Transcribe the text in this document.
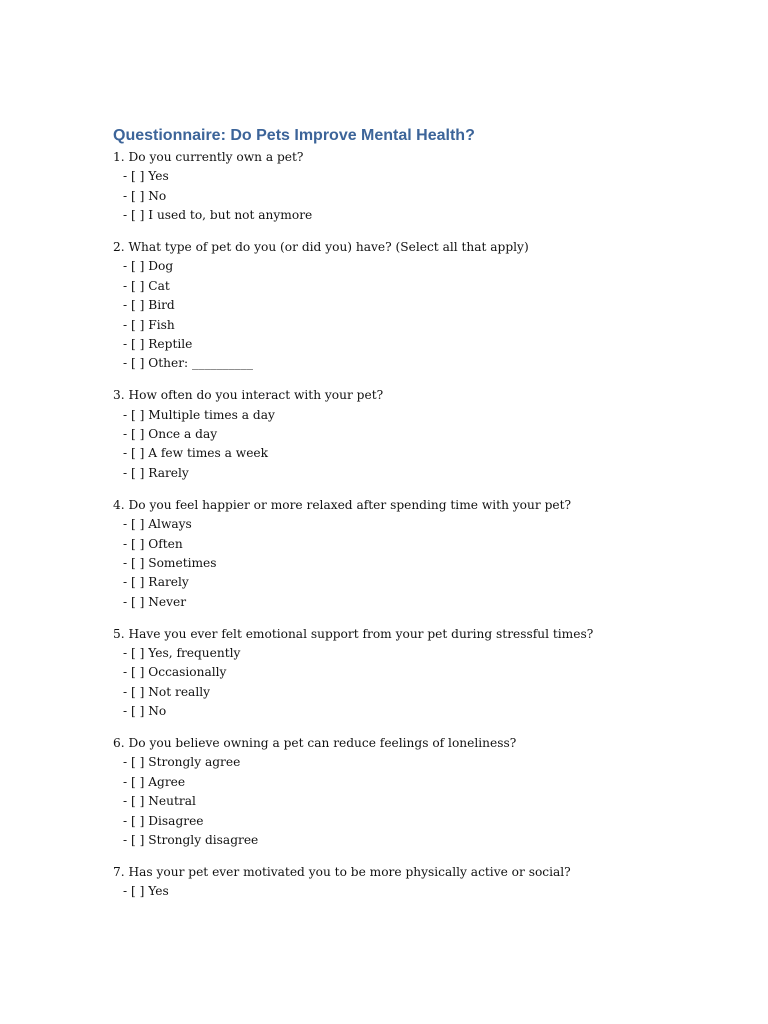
Questionnaire: Do Pets Improve Mental Health?
1. Do you currently own a pet?
- [ ] Yes
- [ ] No
- [ ] I used to, but not anymore
2. What type of pet do you (or did you) have? (Select all that apply)
- [ ] Dog
- [ ] Cat
- [ ] Bird
- [ ] Fish
- [ ] Reptile
- [ ] Other: __________
3. How often do you interact with your pet?
- [ ] Multiple times a day
- [ ] Once a day
- [ ] A few times a week
- [ ] Rarely
4. Do you feel happier or more relaxed after spending time with your pet?
- [ ] Always
- [ ] Often
- [ ] Sometimes
- [ ] Rarely
- [ ] Never
5. Have you ever felt emotional support from your pet during stressful times?
- [ ] Yes, frequently
- [ ] Occasionally
- [ ] Not really
- [ ] No
6. Do you believe owning a pet can reduce feelings of loneliness?
- [ ] Strongly agree
- [ ] Agree
- [ ] Neutral
- [ ] Disagree
- [ ] Strongly disagree
7. Has your pet ever motivated you to be more physically active or social?
- [ ] Yes
